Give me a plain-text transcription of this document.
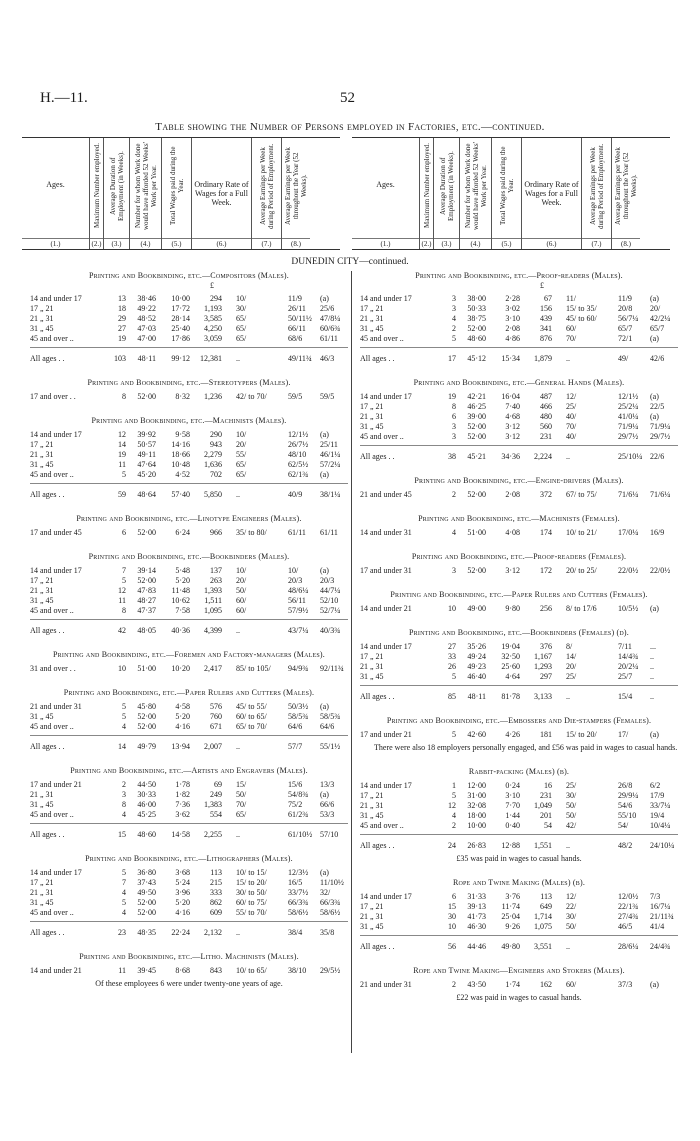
H.—11.	52
Table showing the Number of Persons employed in Factories, etc.—continued.
Ages.
(1.)
Maximum Number employed.
(2.)
Average Duration of Employment (in Weeks).
(3.)
Number for whom Work done would have afforded 52 Weeks' Work per Year.
(4.)
Total Wages paid during the Year.
(5.)
Ordinary Rate of Wages for a Full Week.
(6.)
Average Earnings per Week during Period of Employment.
(7.)
Average Earnings per Week throughout the Year (52 Weeks).
(8.)
Ages.
(1.)
Maximum Number employed.
(2.)
Average Duration of Employment (in Weeks).
(3.)
Number for whom Work done would have afforded 52 Weeks' Work per Year.
(4.)
Total Wages paid during the Year.
(5.)
Ordinary Rate of Wages for a Full Week.
(6.)
Average Earnings per Week during Period of Employment.
(7.)
Average Earnings per Week throughout the Year (52 Weeks).
(8.)
DUNEDIN CITY—continued.
Printing and Bookbinding, etc.—Compositors (Males).
£
14 and under 17	13	38·46	10·00	294	10/	11/9	(a)
17 „ 21	18	49·22	17·72	1,193	30/	26/11	25/6
21 „ 31	29	48·52	28·14	3,585	65/	50/11½	47/8¼
31 „ 45	27	47·03	25·40	4,250	65/	66/11	60/6¾
45 and over ..	19	47·00	17·86	3,059	65/	68/6	61/11
All ages . .	103	48·11	99·12	12,381	..	49/11¾	46/3
Printing and Bookbinding, etc.—Stereotypers (Males).
17 and over . .	8	52·00	8·32	1,236	42/ to 70/	59/5	59/5
Printing and Bookbinding, etc.—Machinists (Males).
14 and under 17	12	39·92	9·58	290	10/	12/1½	(a)
17 „ 21	14	50·57	14·16	943	20/	26/7½	25/11
21 „ 31	19	49·11	18·66	2,279	55/	48/10	46/1¼
31 „ 45	11	47·64	10·48	1,636	65/	62/5½	57/2¼
45 and over ..	5	45·20	4·52	702	65/	62/1¾	(a)
All ages . .	59	48·64	57·40	5,850	..	40/9	38/1¼
Printing and Bookbinding, etc.—Linotype Engineers (Males).
17 and under 45	6	52·00	6·24	966	35/ to 80/	61/11	61/11
Printing and Bookbinding, etc.—Bookbinders (Males).
14 and under 17	7	39·14	5·48	137	10/	10/	(a)
17 „ 21	5	52·00	5·20	263	20/	20/3	20/3
21 „ 31	12	47·83	11·48	1,393	50/	48/6¼	44/7¼
31 „ 45	11	48·27	10·62	1,511	60/	56/11	52/10
45 and over ..	8	47·37	7·58	1,095	60/	57/9½	52/7¼
All ages . .	42	48·05	40·36	4,399	..	43/7¼	40/3¾
Printing and Bookbinding, etc.—Foremen and Factory-managers (Males).
31 and over . .	10	51·00	10·20	2,417	85/ to 105/	94/9¾	92/11¾
Printing and Bookbinding, etc.—Paper Rulers and Cutters (Males).
21 and under 31	5	45·80	4·58	576	45/ to 55/	50/3½	(a)
31 „ 45	5	52·00	5·20	760	60/ to 65/	58/5¾	58/5¾
45 and over ..	4	52·00	4·16	671	65/ to 70/	64/6	64/6
All ages . .	14	49·79	13·94	2,007	..	57/7	55/1½
Printing and Bookbinding, etc.—Artists and Engravers (Males).
17 and under 21	2	44·50	1·78	69	15/	15/6	13/3
21 „ 31	3	30·33	1·82	249	50/	54/8¾	(a)
31 „ 45	8	46·00	7·36	1,383	70/	75/2	66/6
45 and over ..	4	45·25	3·62	554	65/	61/2¾	53/3
All ages . .	15	48·60	14·58	2,255	..	61/10½ 57/10
Printing and Bookbinding, etc.—Lithographers (Males).
14 and under 17	5	36·80	3·68	113	10/ to 15/	12/3½	(a)
17 „ 21	7	37·43	5·24	215	15/ to 20/	16/5	11/10½
21 „ 31	4	49·50	3·96	333	30/ to 50/	33/7½	32/
31 „ 45	5	52·00	5·20	862	60/ to 75/	66/3¾	66/3¾
45 and over ..	4	52·00	4·16	609	55/ to 70/	58/6½	58/6½
All ages . .	23	48·35	22·24	2,132	..	38/4	35/8
Printing and Bookbinding, etc.—Litho. Machinists (Males).
14 and under 21	11	39·45	8·68	843	10/ to 65/	38/10	29/5½
Of these employees 6 were under twenty-one years of age.
Printing and Bookbinding, etc.—Proof-readers (Males).
£
14 and under 17	3	38·00	2·28	67	11/	11/9	(a)
17 „ 21	3	50·33	3·02	156	15/ to 35/	20/8	20/
21 „ 31	4	38·75	3·10	439	45/ to 60/	56/7¼	42/2¼
31 „ 45	2	52·00	2·08	341	60/	65/7	65/7
45 and over ..	5	48·60	4·86	876	70/	72/1	(a)
All ages . .	17	45·12	15·34	1,879	..	49/	42/6
Printing and Bookbinding, etc.—General Hands (Males).
14 and under 17	19	42·21	16·04	487	12/	12/1½	(a)
17 „ 21	8	46·25	7·40	466	25/	25/2¼	22/5
21 „ 31	6	39·00	4·68	480	40/	41/0¼	(a)
31 „ 45	3	52·00	3·12	560	70/	71/9¼	71/9¼
45 and over ..	3	52·00	3·12	231	40/	29/7½	29/7½
All ages . .	38	45·21	34·36	2,224	..	25/10¼ 22/6
Printing and Bookbinding, etc.—Engine-drivers (Males).
21 and under 45	2	52·00	2·08	372	67/ to 75/	71/6¼	71/6¼
Printing and Bookbinding, etc.—Machinists (Females).
14 and under 31	4	51·00	4·08	174	10/ to 21/	17/0¼	16/9
Printing and Bookbinding, etc.—Proof-readers (Females).
17 and under 31	3	52·00	3·12	172	20/ to 25/	22/0½	22/0½
Printing and Bookbinding, etc.—Paper Rulers and Cutters (Females).
14 and under 21	10	49·00	9·80	256	8/ to 17/6	10/5½	(a)
Printing and Bookbinding, etc.—Bookbinders (Females) (d).
14 and under 17	27	35·26	19·04	376	8/	7/11	...
17 „ 21	33	49·24	32·50	1,167	14/	14/4¾	..
21 „ 31	26	49·23	25·60	1,293	20/	20/2¼	..
31 „ 45	5	46·40	4·64	297	25/	25/7	..
All ages . .	85	48·11	81·78	3,133	..	15/4	..
Printing and Bookbinding, etc.—Embossers and Die-stampers (Females).
17 and under 21	5	42·60	4·26	181	15/ to 20/	17/	(a)
There were also 18 employers personally engaged, and £56 was paid in wages to casual hands.
Rabbit-packing (Males) (b).
14 and under 17	1	12·00	0·24	16	25/	26/8	6/2
17 „ 21	5	31·00	3·10	231	30/	29/9¼	17/9
21 „ 31	12	32·08	7·70	1,049	50/	54/6	33/7¼
31 „ 45	4	18·00	1·44	201	50/	55/10	19/4
45 and over ..	2	10·00	0·40	54	42/	54/	10/4¼
All ages . .	24	26·83	12·88	1,551	..	48/2	24/10¼
£35 was paid in wages to casual hands.
Rope and Twine Making (Males) (b).
14 and under 17	6	31·33	3·76	113	12/	12/0½	7/3
17 „ 21	15	39·13	11·74	649	22/	22/1¾	16/7¼
21 „ 31	30	41·73	25·04	1,714	30/	27/4¾	21/11¾
31 „ 45	10	46·30	9·26	1,075	50/	46/5	41/4
All ages . .	56	44·46	49·80	3,551	..	28/6¼	24/4¾
Rope and Twine Making—Engineers and Stokers (Males).
21 and under 31	2	43·50	1·74	162	60/	37/3	(a)
£22 was paid in wages to casual hands.
